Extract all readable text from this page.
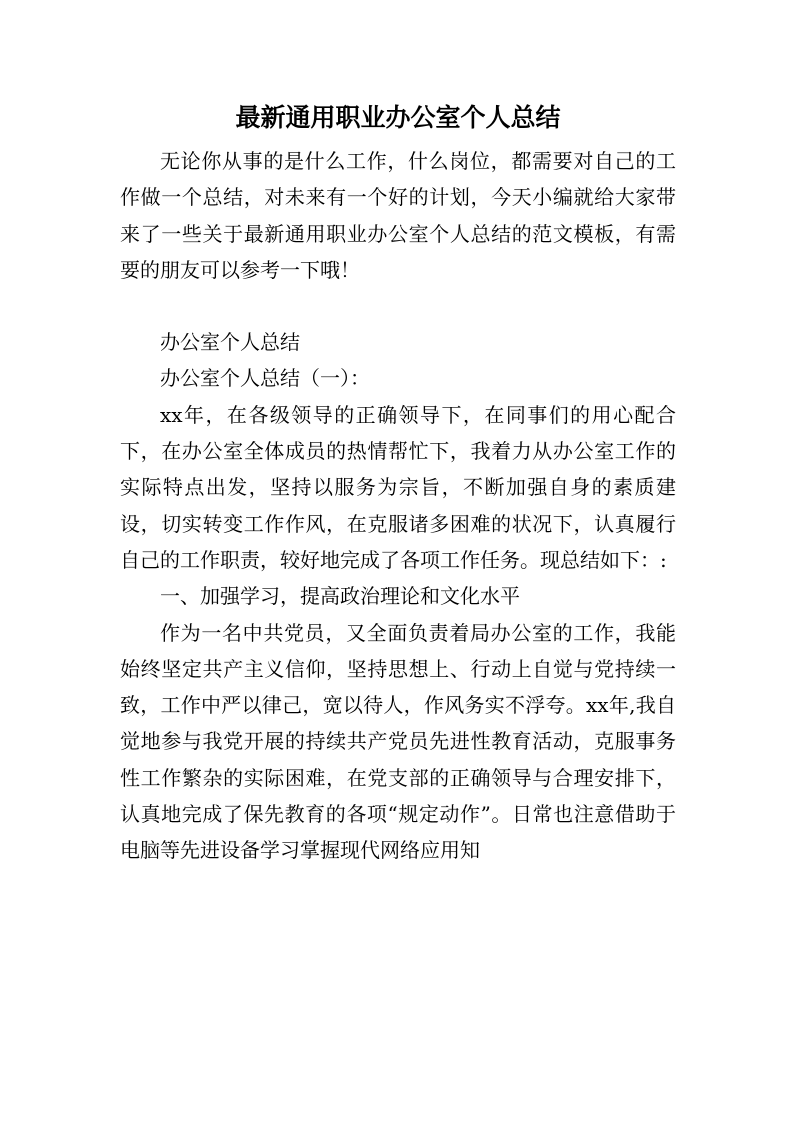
最新通用职业办公室个人总结

无论你从事的是什么工作，什么岗位，都需要对自己的工作做一个总结，对未来有一个好的计划，今天小编就给大家带来了一些关于最新通用职业办公室个人总结的范文模板，有需要的朋友可以参考一下哦！

办公室个人总结

办公室个人总结（一）：

xx年，在各级领导的正确领导下，在同事们的用心配合下，在办公室全体成员的热情帮忙下，我着力从办公室工作的实际特点出发，坚持以服务为宗旨，不断加强自身的素质建设，切实转变工作作风，在克服诸多困难的状况下，认真履行自己的工作职责，较好地完成了各项工作任务。现总结如下：:

一、加强学习，提高政治理论和文化水平

作为一名中共党员，又全面负责着局办公室的工作，我能始终坚定共产主义信仰，坚持思想上、行动上自觉与党持续一致，工作中严以律己，宽以待人，作风务实不浮夸。xx年,我自觉地参与我党开展的持续共产党员先进性教育活动，克服事务性工作繁杂的实际困难，在党支部的正确领导与合理安排下，认真地完成了保先教育的各项“规定动作”。日常也注意借助于电脑等先进设备学习掌握现代网络应用知
